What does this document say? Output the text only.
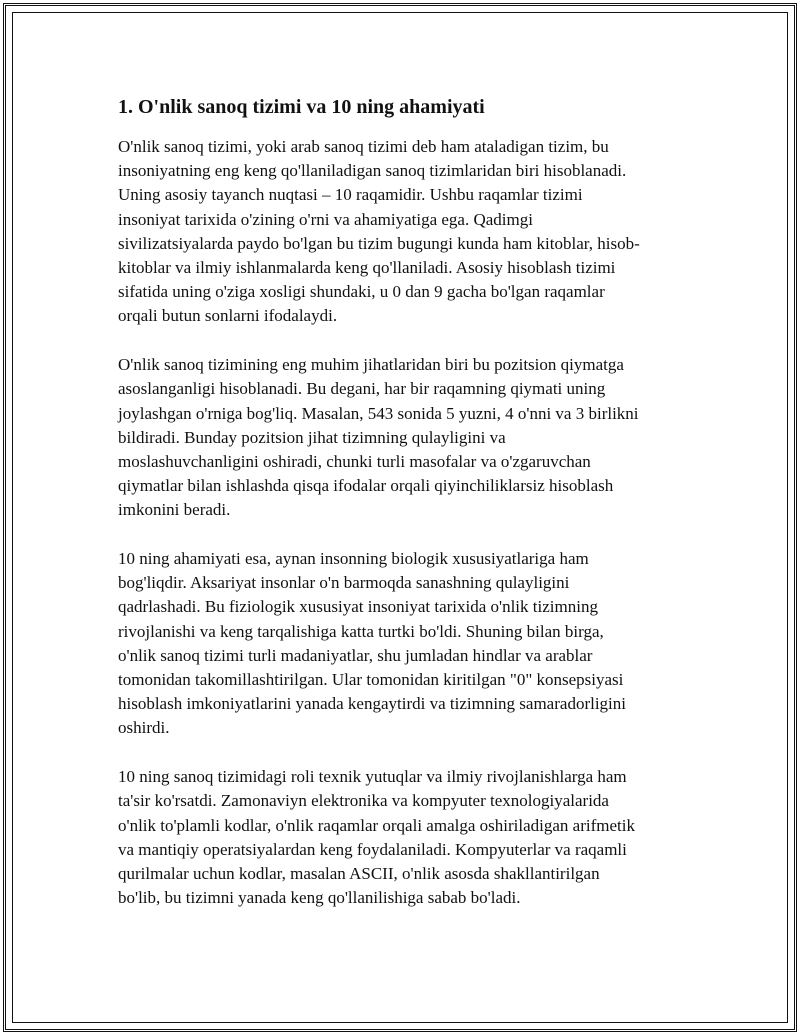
1. O'nlik sanoq tizimi va 10 ning ahamiyati

O'nlik sanoq tizimi, yoki arab sanoq tizimi deb ham ataladigan tizim, bu
insoniyatning eng keng qo'llaniladigan sanoq tizimlaridan biri hisoblanadi.
Uning asosiy tayanch nuqtasi – 10 raqamidir. Ushbu raqamlar tizimi
insoniyat tarixida o'zining o'rni va ahamiyatiga ega. Qadimgi
sivilizatsiyalarda paydo bo'lgan bu tizim bugungi kunda ham kitoblar, hisob-
kitoblar va ilmiy ishlanmalarda keng qo'llaniladi. Asosiy hisoblash tizimi
sifatida uning o'ziga xosligi shundaki, u 0 dan 9 gacha bo'lgan raqamlar
orqali butun sonlarni ifodalaydi.

O'nlik sanoq tizimining eng muhim jihatlaridan biri bu pozitsion qiymatga
asoslanganligi hisoblanadi. Bu degani, har bir raqamning qiymati uning
joylashgan o'rniga bog'liq. Masalan, 543 sonida 5 yuzni, 4 o'nni va 3 birlikni
bildiradi. Bunday pozitsion jihat tizimning qulayligini va
moslashuvchanligini oshiradi, chunki turli masofalar va o'zgaruvchan
qiymatlar bilan ishlashda qisqa ifodalar orqali qiyinchiliklarsiz hisoblash
imkonini beradi.

10 ning ahamiyati esa, aynan insonning biologik xususiyatlariga ham
bog'liqdir. Aksariyat insonlar o'n barmoqda sanashning qulayligini
qadrlashadi. Bu fiziologik xususiyat insoniyat tarixida o'nlik tizimning
rivojlanishi va keng tarqalishiga katta turtki bo'ldi. Shuning bilan birga,
o'nlik sanoq tizimi turli madaniyatlar, shu jumladan hindlar va arablar
tomonidan takomillashtirilgan. Ular tomonidan kiritilgan "0" konsepsiyasi
hisoblash imkoniyatlarini yanada kengaytirdi va tizimning samaradorligini
oshirdi.

10 ning sanoq tizimidagi roli texnik yutuqlar va ilmiy rivojlanishlarga ham
ta'sir ko'rsatdi. Zamonaviyn elektronika va kompyuter texnologiyalarida
o'nlik to'plamli kodlar, o'nlik raqamlar orqali amalga oshiriladigan arifmetik
va mantiqiy operatsiyalardan keng foydalaniladi. Kompyuterlar va raqamli
qurilmalar uchun kodlar, masalan ASCII, o'nlik asosda shakllantirilgan
bo'lib, bu tizimni yanada keng qo'llanilishiga sabab bo'ladi.
